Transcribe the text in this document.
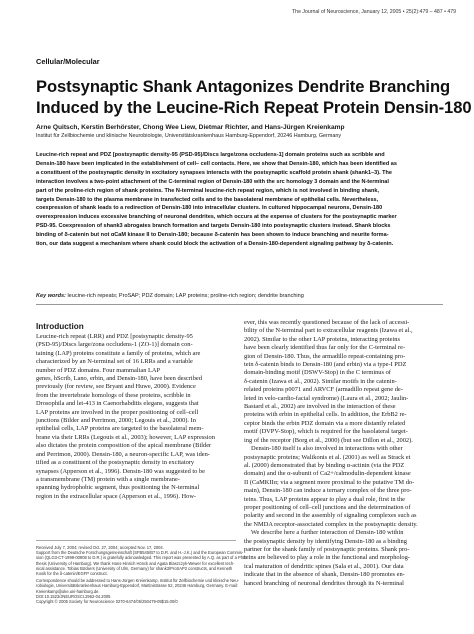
The Journal of Neuroscience, January 12, 2005 • 25(2):479 – 487 • 479
Cellular/Molecular
Postsynaptic Shank Antagonizes Dendrite Branching
Induced by the Leucine-Rich Repeat Protein Densin-180
Arne Quitsch, Kerstin Berhörster, Chong Wee Liew, Dietmar Richter, and Hans-Jürgen Kreienkamp
Institut für Zellbiochemie und klinische Neurobiologie, Universitätskrankenhaus Hamburg-Eppendorf, 20246 Hamburg, Germany
Leucine-rich repeat and PDZ [postsynaptic density-95 (PSD-95)/Discs large/zona occludens-1] domain proteins such as scribble and
Densin-180 have been implicated in the establishment of cell– cell contacts. Here, we show that Densin-180, which has been identified as
a constituent of the postsynaptic density in excitatory synapses interacts with the postsynaptic scaffold protein shank (shank1–3). The
interaction involves a two-point attachment of the C-terminal region of Densin-180 with the src homology 3 domain and the N-terminal
part of the proline-rich region of shank proteins. The N-terminal leucine-rich repeat region, which is not involved in binding shank,
targets Densin-180 to the plasma membrane in transfected cells and to the basolateral membrane of epithelial cells. Nevertheless,
coexpression of shank leads to a redirection of Densin-180 into intracellular clusters. In cultured hippocampal neurons, Densin-180
overexpression induces excessive branching of neuronal dendrites, which occurs at the expense of clusters for the postsynaptic marker
PSD-95. Coexpression of shank3 abrogates branch formation and targets Densin-180 into postsynaptic clusters instead. Shank blocks
binding of δ-catenin but not αCaM kinase II to Densin-180; because δ-catenin has been shown to induce branching and neurite forma-
tion, our data suggest a mechanism where shank could block the activation of a Densin-180-dependent signaling pathway by δ-catenin.
Key words: leucine-rich repeats; ProSAP; PDZ domain; LAP proteins; proline-rich region; dendrite branching
Introduction
Leucine-rich repeat (LRR) and PDZ [postsynaptic density-95
(PSD-95)/Discs large/zona occludens-1 (ZO-1)] domain con-
taining (LAP) proteins constitute a family of proteins, which are
characterized by an N-terminal set of 16 LRRs and a variable
number of PDZ domains. Four mammalian LAP
genes, hScrib, Lano, erbin, and Densin-180, have been described
previously (for review, see Bryant and Huwe, 2000). Evidence
from the invertebrate homologs of these proteins, scribble in
Drosophila and let-413 in Caenorhabditis elegans, suggests that
LAP proteins are involved in the proper positioning of cell–cell
junctions (Bilder and Perrimon, 2000; Legouis et al., 2000). In
epithelial cells, LAP proteins are targeted to the basolateral mem-
brane via their LRRs (Legouis et al., 2003); however, LAP expression
also dictates the protein composition of the apical membrane (Bilder
and Perrimon, 2000). Densin-180, a neuron-specific LAP, was iden-
tified as a constituent of the postsynaptic density in excitatory
synapses (Apperson et al., 1996). Densin-180 was suggested to be
a transmembrane (TM) protein with a single membrane-
spanning hydrophobic segment, thus positioning the N-terminal
region in the extracellular space (Apperson et al., 1996). How-
ever, this was recently questioned because of the lack of accessi-
bility of the N-terminal part to extracellular reagents (Izawa et al.,
2002). Similar to the other LAP proteins, interacting proteins
have been clearly identified thus far only for the C-terminal re-
gion of Densin-180. Thus, the armadillo repeat-containing pro-
tein δ-catenin binds to Densin-180 (and erbin) via a type-I PDZ
domain-binding motif (DSWV-Stop) in the C terminus of
δ-catenin (Izawa et al., 2002). Similar motifs in the catenin-
related proteins p0071 and ARVCF (armadillo repeat gene de-
leted in velo-cardio-facial syndrome) (Laura et al., 2002; Jaulin-
Bastard et al., 2002) are involved in the interaction of these
proteins with erbin in epithelial cells. In addition, the ErbB2 re-
ceptor binds the erbin PDZ domain via a more distantly related
motif (DVPV-Stop), which is required for the basolateral target-
ing of the receptor (Borg et al., 2000) (but see Dillon et al., 2002).
Densin-180 itself is also involved in interactions with other
postsynaptic proteins; Walikonis et al. (2001) as well as Strack et
al. (2000) demonstrated that by binding α-actinin (via the PDZ
domain) and the α-subunit of Ca2+/calmodulin-dependent kinase
II (CaMKIIα; via a segment more proximal to the putative TM do-
main), Densin-180 can induce a ternary complex of the three pro-
teins. Thus, LAP proteins appear to play a dual role, first in the
proper positioning of cell–cell junctions and the determination of
polarity and second in the assembly of signaling complexes such as
the NMDA receptor-associated complex in the postsynaptic density.
We describe here a further interaction of Densin-180 within
the postsynaptic density by identifying Densin-180 as a binding
partner for the shank family of postsynaptic proteins. Shank pro-
teins are believed to play a role in the functional and morpholog-
ical maturation of dendritic spines (Sala et al., 2001). Our data
indicate that in the absence of shank, Densin-180 promotes en-
hanced branching of neuronal dendrites through its N-terminal
Received July 7, 2004; revised Oct. 27, 2004; accepted Nov. 17, 2004.
Support from the Deutsche Forschungsgemeinschaft (SFB545/B7 to D.R. and H.-J.K.) and the European Commis-
sion (QLG3-CT-1999-00908 to D.R.) is gratefully acknowledged. This report was presented by A.Q. as part of a PhD
thesis (University of Hamburg). We thank Hans-Hinrich Hönck and Agata Blaszczyk-Wewer for excellent tech-
nical assistance. Tobias Böckers (University of Ulm, Germany) for shank3/ProSAP2 constructs, and Kenneth
Kosik for the δ-catenin/EGFP construct.
Correspondence should be addressed to Hans-Jürgen Kreienkamp, Institut für Zellbiochemie und klinische Neu-
robiologie, Universitätskrankenhaus Hamburg-Eppendorf, Martinistrasse 52, 20246 Hamburg, Germany. E-mail:
Kreienkamp@uke.uni-hamburg.de.
DOI:10.1523/JNEUROSCI.2962-04.2005
Copyright © 2005 Society for Neuroscience 0270-6474/05/250479-09$15.00/0
